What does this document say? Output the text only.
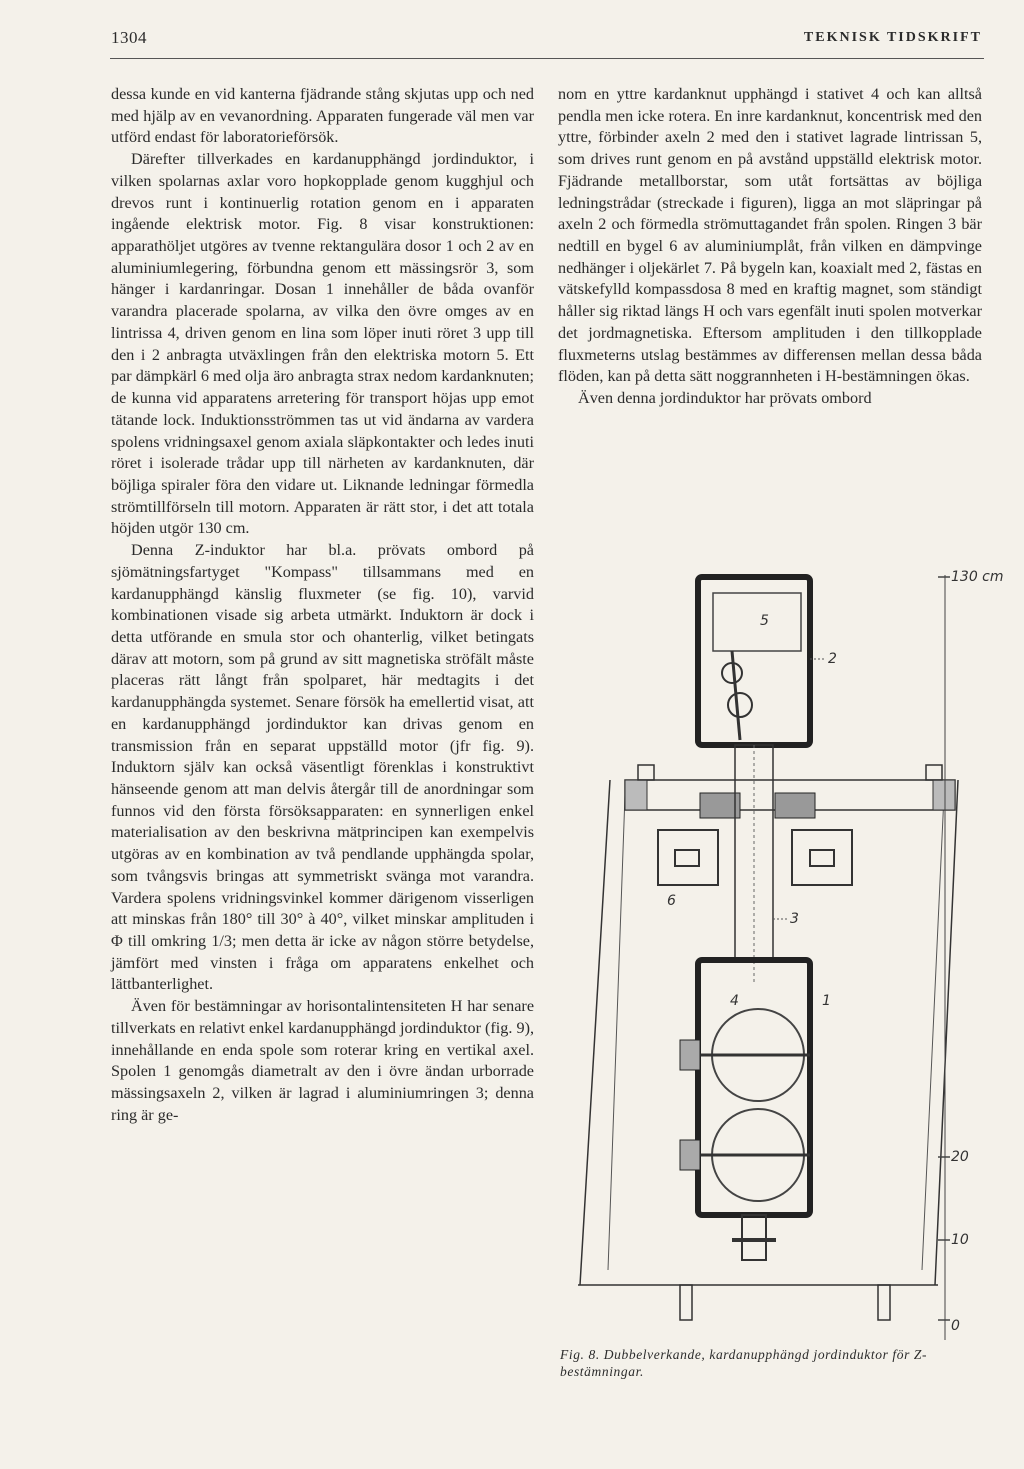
1304	TEKNISK TIDSKRIFT

dessa kunde en vid kanterna fjädrande stång skjutas upp och ned med hjälp av en vevanordning. Apparaten fungerade väl men var utförd endast för laboratorieförsök.

Därefter tillverkades en kardanupphängd jordinduktor, i vilken spolarnas axlar voro hopkopplade genom kugghjul och drevos runt i kontinuerlig rotation genom en i apparaten ingående elektrisk motor. Fig. 8 visar konstruktionen: apparathöljet utgöres av tvenne rektangulära dosor 1 och 2 av en aluminiumlegering, förbundna genom ett mässingsrör 3, som hänger i kardanringar. Dosan 1 innehåller de båda ovanför varandra placerade spolarna, av vilka den övre omges av en lintrissa 4, driven genom en lina som löper inuti röret 3 upp till den i 2 anbragta utväxlingen från den elektriska motorn 5. Ett par dämpkärl 6 med olja äro anbragta strax nedom kardanknuten; de kunna vid apparatens arretering för transport höjas upp emot tätande lock. Induktionsströmmen tas ut vid ändarna av vardera spolens vridningsaxel genom axiala släpkontakter och ledes inuti röret i isolerade trådar upp till närheten av kardanknuten, där böjliga spiraler föra den vidare ut. Liknande ledningar förmedla strömtillförseln till motorn. Apparaten är rätt stor, i det att totala höjden utgör 130 cm.

Denna Z-induktor har bl.a. prövats ombord på sjömätningsfartyget "Kompass" tillsammans med en kardanupphängd känslig fluxmeter (se fig. 10), varvid kombinationen visade sig arbeta utmärkt. Induktorn är dock i detta utförande en smula stor och ohanterlig, vilket betingats därav att motorn, som på grund av sitt magnetiska ströfält måste placeras rätt långt från spolparet, här medtagits i det kardanupphängda systemet. Senare försök ha emellertid visat, att en kardanupphängd jordinduktor kan drivas genom en transmission från en separat uppställd motor (jfr fig. 9). Induktorn själv kan också väsentligt förenklas i konstruktivt hänseende genom att man delvis återgår till de anordningar som funnos vid den första försöksapparaten: en synnerligen enkel materialisation av den beskrivna mätprincipen kan exempelvis utgöras av en kombination av två pendlande upphängda spolar, som tvångsvis bringas att symmetriskt svänga mot varandra. Vardera spolens vridningsvinkel kommer därigenom visserligen att minskas från 180° till 30° à 40°, vilket minskar amplituden i Φ till omkring 1/3; men detta är icke av någon större betydelse, jämfört med vinsten i fråga om apparatens enkelhet och lättbanterlighet.

Även för bestämningar av horisontalintensiteten H har senare tillverkats en relativt enkel kardanupphängd jordinduktor (fig. 9), innehållande en enda spole som roterar kring en vertikal axel. Spolen 1 genomgås diametralt av den i övre ändan urborrade mässingsaxeln 2, vilken är lagrad i aluminiumringen 3; denna ring är ge-

nom en yttre kardanknut upphängd i stativet 4 och kan alltså pendla men icke rotera. En inre kardanknut, koncentrisk med den yttre, förbinder axeln 2 med den i stativet lagrade lintrissan 5, som drives runt genom en på avstånd uppställd elektrisk motor. Fjädrande metallborstar, som utåt fortsättas av böjliga ledningstrådar (streckade i figuren), ligga an mot släpringar på axeln 2 och förmedla strömuttagandet från spolen. Ringen 3 bär nedtill en bygel 6 av aluminiumplåt, från vilken en dämpvinge nedhänger i oljekärlet 7. På bygeln kan, koaxialt med 2, fästas en vätskefylld kompassdosa 8 med en kraftig magnet, som ständigt håller sig riktad längs H och vars egenfält inuti spolen motverkar det jordmagnetiska. Eftersom amplituden i den tillkopplade fluxmeterns utslag bestämmes av differensen mellan dessa båda flöden, kan på detta sätt noggrannheten i H-bestämningen ökas.

Även denna jordinduktor har prövats ombord

130 cm
20
10
0
5
2
6
3
4	1
Fig. 8. Dubbelverkande, kardanupphängd jordinduktor för Z-bestämningar.
